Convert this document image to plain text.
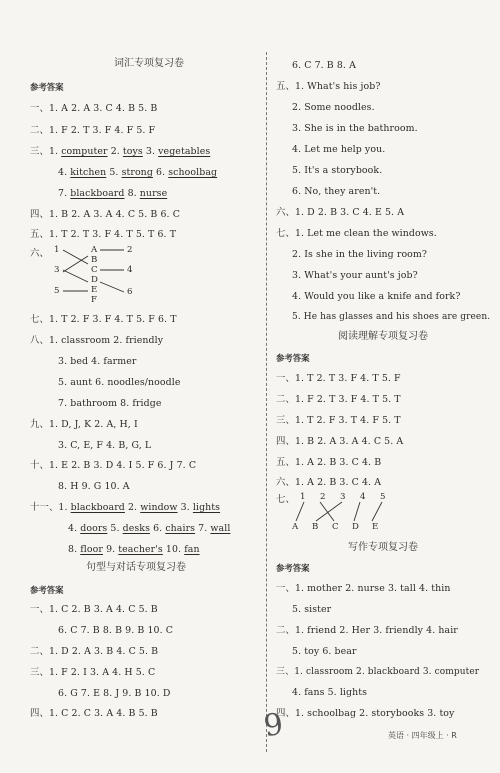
词汇专项复习卷
参考答案
一、1. A 2. A 3. C 4. B 5. B
二、1. F 2. T 3. F 4. F 5. F
三、1. computer 2. toys 3. vegetables
4. kitchen 5. strong 6. schoolbag
7. blackboard 8. nurse
四、1. B 2. A 3. A 4. C 5. B 6. C
五、1. T 2. T 3. F 4. T 5. T 6. T
六、 1
3
5
A
B
C
D
E
F
2
4
6
七、1. T 2. F 3. F 4. T 5. F 6. T
八、1. classroom 2. friendly
3. bed 4. farmer
5. aunt 6. noodles/noodle
7. bathroom 8. fridge
九、1. D, J, K 2. A, H, I
3. C, E, F 4. B, G, L
十、1. E 2. B 3. D 4. I 5. F 6. J 7. C
8. H 9. G 10. A
十一、1. blackboard 2. window 3. lights
4. doors 5. desks 6. chairs 7. wall
8. floor 9. teacher's 10. fan
句型与对话专项复习卷
参考答案
一、1. C 2. B 3. A 4. C 5. B
6. C 7. B 8. B 9. B 10. C
二、1. D 2. A 3. B 4. C 5. B
三、1. F 2. I 3. A 4. H 5. C
6. G 7. E 8. J 9. B 10. D
四、1. C 2. C 3. A 4. B 5. B
6. C 7. B 8. A
五、1. What's his job?
2. Some noodles.
3. She is in the bathroom.
4. Let me help you.
5. It's a storybook.
6. No, they aren't.
六、1. D 2. B 3. C 4. E 5. A
七、1. Let me clean the windows.
2. Is she in the living room?
3. What's your aunt's job?
4. Would you like a knife and fork?
5. He has glasses and his shoes are green.
阅读理解专项复习卷
参考答案
一、1. T 2. T 3. F 4. T 5. F
二、1. F 2. T 3. F 4. T 5. T
三、1. T 2. F 3. T 4. F 5. T
四、1. B 2. A 3. A 4. C 5. A
五、1. A 2. B 3. C 4. B
六、1. A 2. B 3. C 4. A
七、 1 2 3 4 5
A B C D E
写作专项复习卷
参考答案
一、1. mother 2. nurse 3. tall 4. thin
5. sister
二、1. friend 2. Her 3. friendly 4. hair
5. toy 6. bear
三、1. classroom 2. blackboard 3. computer
4. fans 5. lights
四、1. schoolbag 2. storybooks 3. toy
9	英语 · 四年级上 · R
